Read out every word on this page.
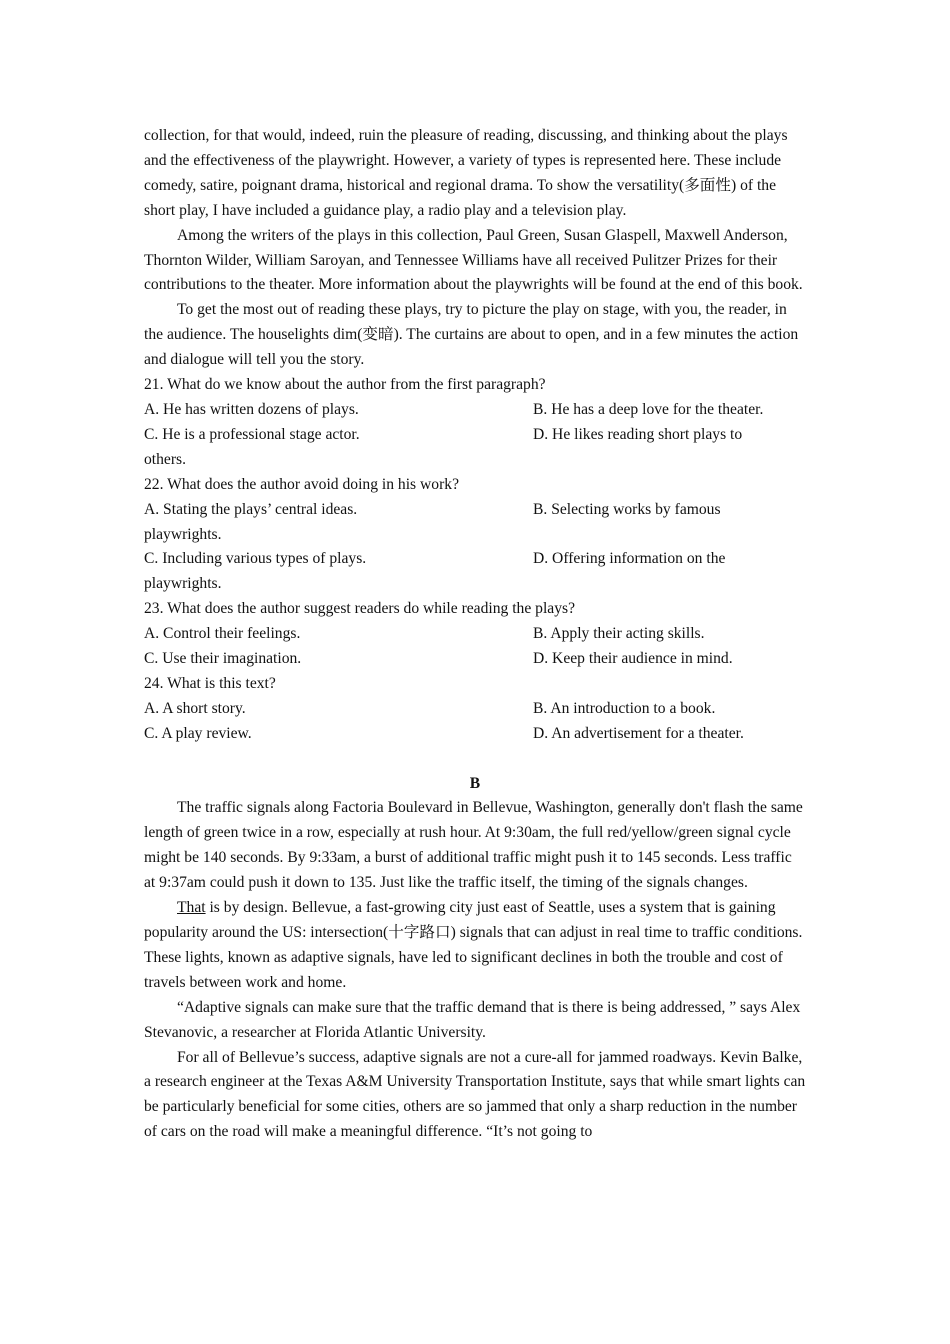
collection, for that would, indeed, ruin the pleasure of reading, discussing, and thinking about the plays and the effectiveness of the playwright. However, a variety of types is represented here. These include comedy, satire, poignant drama, historical and regional drama. To show the versatility(多面性) of the short play, I have included a guidance play, a radio play and a television play.

Among the writers of the plays in this collection, Paul Green, Susan Glaspell, Maxwell Anderson, Thornton Wilder, William Saroyan, and Tennessee Williams have all received Pulitzer Prizes for their contributions to the theater. More information about the playwrights will be found at the end of this book.

To get the most out of reading these plays, try to picture the play on stage, with you, the reader, in the audience. The houselights dim(变暗). The curtains are about to open, and in a few minutes the action and dialogue will tell you the story.

21. What do we know about the author from the first paragraph?

A. He has written dozens of plays.	B. He has a deep love for the theater.
C. He is a professional stage actor.	D. He likes reading short plays to

others.

22. What does the author avoid doing in his work?

A. Stating the plays’ central ideas.	B. Selecting works by famous

playwrights.

C. Including various types of plays.	D. Offering information on the

playwrights.

23. What does the author suggest readers do while reading the plays?

A. Control their feelings.	B. Apply their acting skills.
C. Use their imagination.	D. Keep their audience in mind.

24. What is this text?

A. A short story.	B. An introduction to a book.
C. A play review.	D. An advertisement for a theater.

B

The traffic signals along Factoria Boulevard in Bellevue, Washington, generally don't flash the same length of green twice in a row, especially at rush hour. At 9:30am, the full red/yellow/green signal cycle might be 140 seconds. By 9:33am, a burst of additional traffic might push it to 145 seconds. Less traffic at 9:37am could push it down to 135. Just like the traffic itself, the timing of the signals changes.

That is by design. Bellevue, a fast-growing city just east of Seattle, uses a system that is gaining popularity around the US: intersection(十字路口) signals that can adjust in real time to traffic conditions. These lights, known as adaptive signals, have led to significant declines in both the trouble and cost of travels between work and home.

“Adaptive signals can make sure that the traffic demand that is there is being addressed, ” says Alex Stevanovic, a researcher at Florida Atlantic University.

For all of Bellevue’s success, adaptive signals are not a cure-all for jammed roadways. Kevin Balke, a research engineer at the Texas A&M University Transportation Institute, says that while smart lights can be particularly beneficial for some cities, others are so jammed that only a sharp reduction in the number of cars on the road will make a meaningful difference. “It’s not going to
